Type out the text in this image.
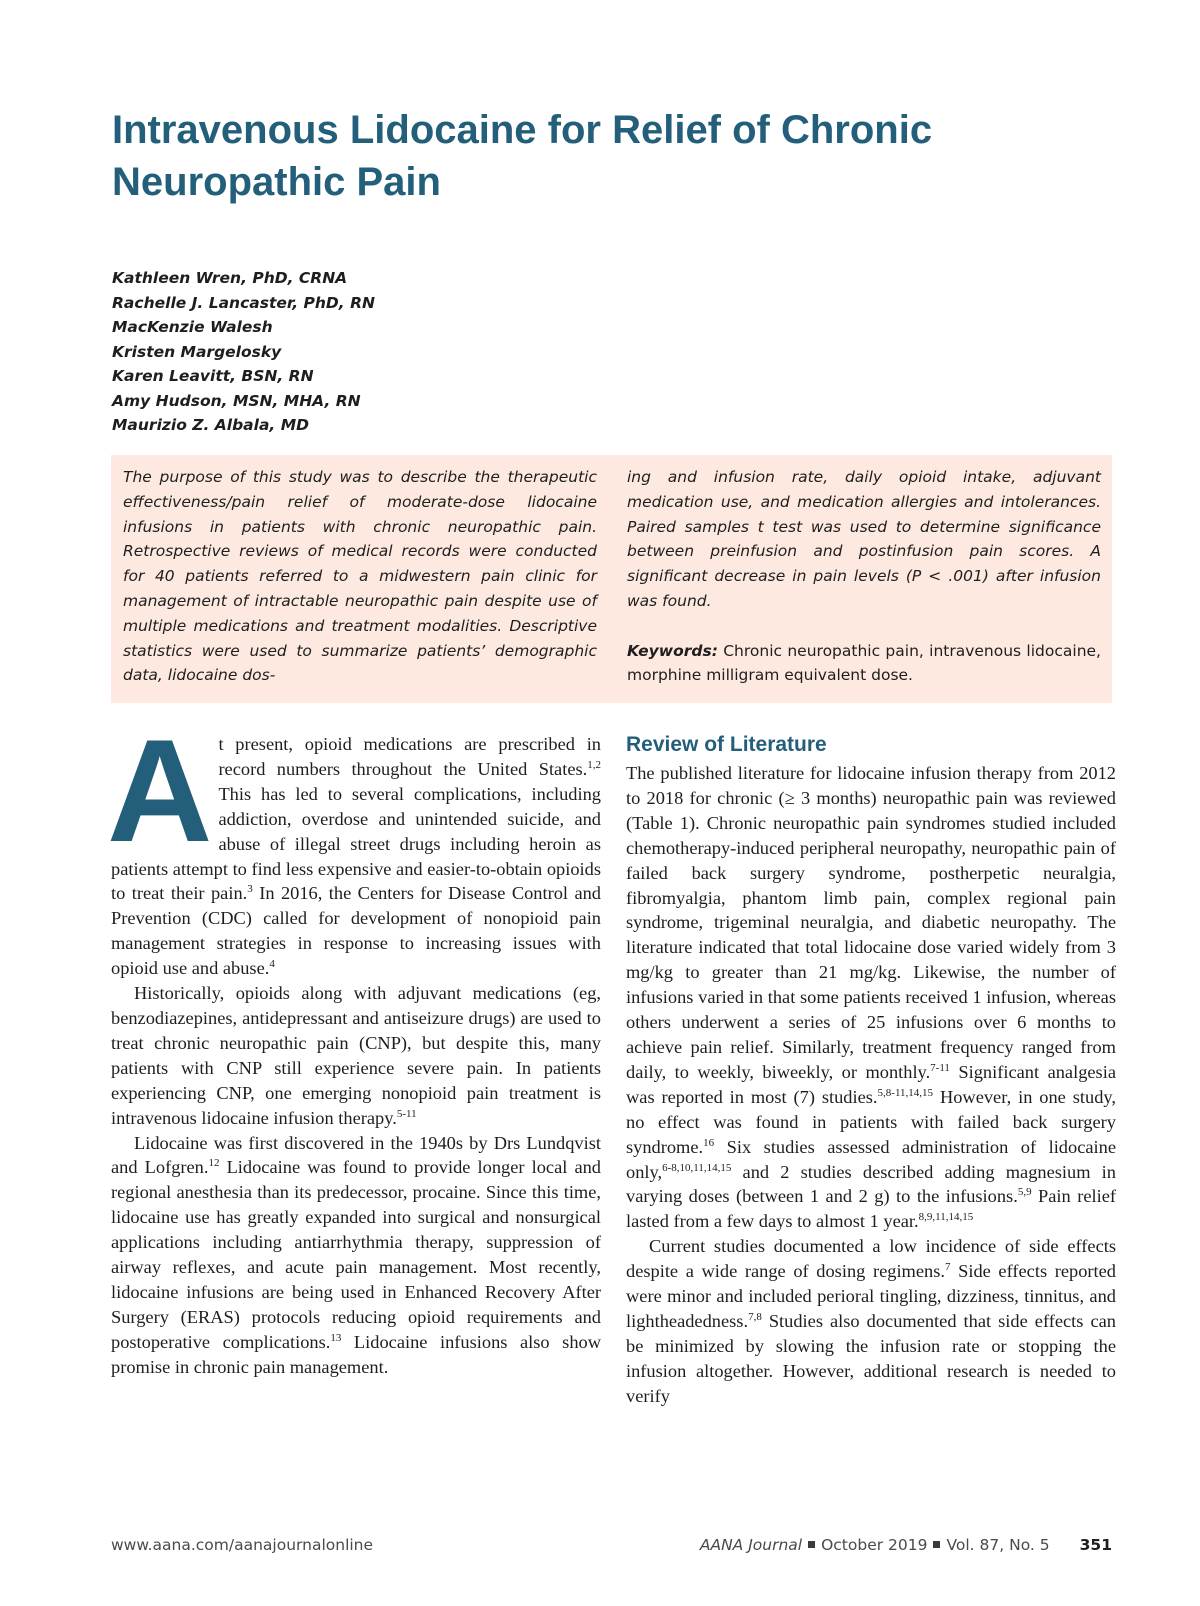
Intravenous Lidocaine for Relief of Chronic
Neuropathic Pain
Kathleen Wren, PhD, CRNA
Rachelle J. Lancaster, PhD, RN
MacKenzie Walesh
Kristen Margelosky
Karen Leavitt, BSN, RN
Amy Hudson, MSN, MHA, RN
Maurizio Z. Albala, MD

The purpose of this study was to describe the therapeutic effectiveness/pain relief of moderate-dose lidocaine infusions in patients with chronic neuropathic pain. Retrospective reviews of medical records were conducted for 40 patients referred to a midwestern pain clinic for management of intractable neuropathic pain despite use of multiple medications and treatment modalities. Descriptive statistics were used to summarize patients’ demographic data, lidocaine dos-

ing and infusion rate, daily opioid intake, adjuvant medication use, and medication allergies and intolerances. Paired samples t test was used to determine significance between preinfusion and postinfusion pain scores. A significant decrease in pain levels (P < .001) after infusion was found.

Keywords: Chronic neuropathic pain, intravenous lidocaine, morphine milligram equivalent dose.

At present, opioid medications are prescribed in record numbers throughout the United States.$^{1,2}$ This has led to several complications, including addiction, overdose and unintended suicide, and abuse of illegal street drugs including heroin as patients attempt to find less expensive and easier-to-obtain opioids to treat their pain.$^3$ In 2016, the Centers for Disease Control and Prevention (CDC) called for development of nonopioid pain management strategies in response to increasing issues with opioid use and abuse.$^4$

Historically, opioids along with adjuvant medications (eg, benzodiazepines, antidepressant and antiseizure drugs) are used to treat chronic neuropathic pain (CNP), but despite this, many patients with CNP still experience severe pain. In patients experiencing CNP, one emerging nonopioid pain treatment is intravenous lidocaine infusion therapy.$^{5-11}$

Lidocaine was first discovered in the 1940s by Drs Lundqvist and Lofgren.$^{12}$ Lidocaine was found to provide longer local and regional anesthesia than its predecessor, procaine. Since this time, lidocaine use has greatly expanded into surgical and nonsurgical applications including antiarrhythmia therapy, suppression of airway reflexes, and acute pain management. Most recently, lidocaine infusions are being used in Enhanced Recovery After Surgery (ERAS) protocols reducing opioid requirements and postoperative complications.$^{13}$ Lidocaine infusions also show promise in chronic pain management.

Review of Literature

The published literature for lidocaine infusion therapy from 2012 to 2018 for chronic (≥ 3 months) neuropathic pain was reviewed (Table 1). Chronic neuropathic pain syndromes studied included chemotherapy-induced peripheral neuropathy, neuropathic pain of failed back surgery syndrome, postherpetic neuralgia, fibromyalgia, phantom limb pain, complex regional pain syndrome, trigeminal neuralgia, and diabetic neuropathy. The literature indicated that total lidocaine dose varied widely from 3 mg/kg to greater than 21 mg/kg. Likewise, the number of infusions varied in that some patients received 1 infusion, whereas others underwent a series of 25 infusions over 6 months to achieve pain relief. Similarly, treatment frequency ranged from daily, to weekly, biweekly, or monthly.$^{7-11}$ Significant analgesia was reported in most (7) studies.$^{5,8-11,14,15}$ However, in one study, no effect was found in patients with failed back surgery syndrome.$^{16}$ Six studies assessed administration of lidocaine only,$^{6-8,10,11,14,15}$ and 2 studies described adding magnesium in varying doses (between 1 and 2 g) to the infusions.$^{5,9}$ Pain relief lasted from a few days to almost 1 year.$^{8,9,11,14,15}$

Current studies documented a low incidence of side effects despite a wide range of dosing regimens.$^7$ Side effects reported were minor and included perioral tingling, dizziness, tinnitus, and lightheadedness.$^{7,8}$ Studies also documented that side effects can be minimized by slowing the infusion rate or stopping the infusion altogether. However, additional research is needed to verify

www.aana.com/aanajournalonline	AANA Journal October 2019 Vol. 87, No. 5 351
